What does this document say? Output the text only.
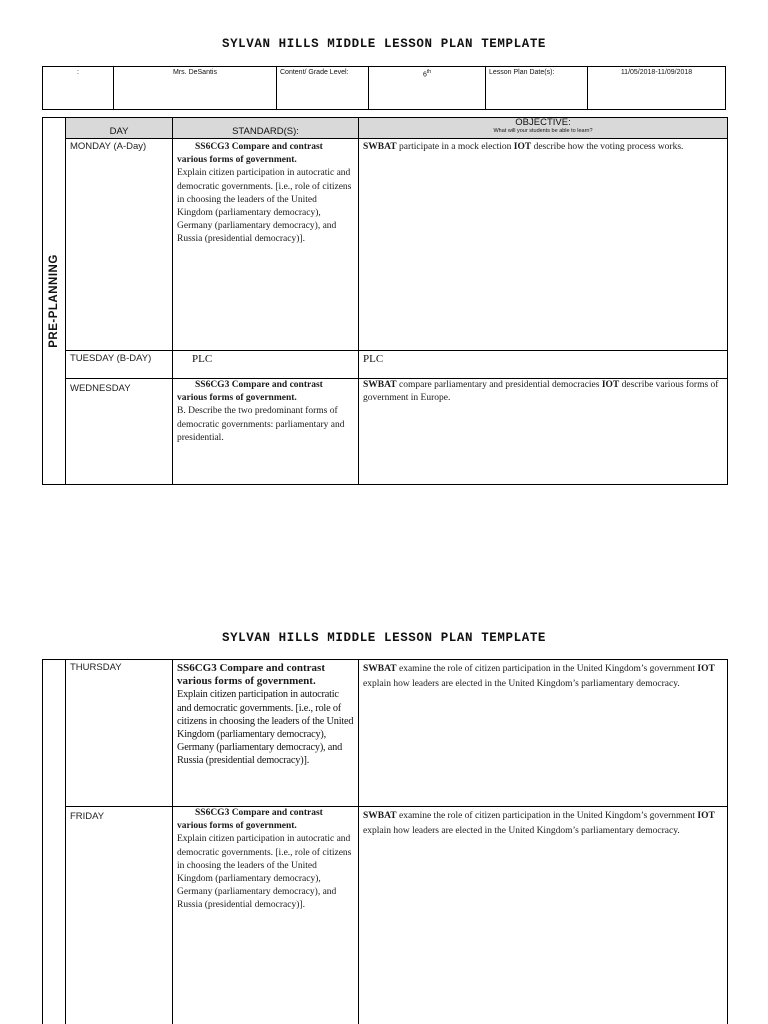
SYLVAN HILLS MIDDLE LESSON PLAN TEMPLATE
:	Mrs. DeSantis	Content/ Grade Level:	6th	Lesson Plan Date(s):	11/05/2018-11/09/2018
PRE-PLANNING	DAY	STANDARD(S):	OBJECTIVE:
What will your students be able to learn?

	MONDAY (A-Day)	SS6CG3 Compare and contrast various forms of government.
Explain citizen participation in autocratic and democratic governments. [i.e., role of citizens in choosing the leaders of the United Kingdom (parliamentary democracy), Germany (parliamentary democracy), and Russia (presidential democracy)].	SWBAT participate in a mock election IOT describe how the voting process works.
	TUESDAY (B-DAY)	PLC	PLC
	WEDNESDAY	SS6CG3 Compare and contrast various forms of government.
B. Describe the two predominant forms of democratic governments: parliamentary and presidential.	SWBAT compare parliamentary and presidential democracies IOT describe various forms of government in Europe.
SYLVAN HILLS MIDDLE LESSON PLAN TEMPLATE
	THURSDAY	SS6CG3 Compare and contrast various forms of government.
Explain citizen participation in autocratic and democratic governments. [i.e., role of citizens in choosing the leaders of the United Kingdom (parliamentary democracy), Germany (parliamentary democracy), and Russia (presidential democracy)].	SWBAT examine the role of citizen participation in the United Kingdom’s government IOT explain how leaders are elected in the United Kingdom’s parliamentary democracy.
	FRIDAY	SS6CG3 Compare and contrast various forms of government.
Explain citizen participation in autocratic and democratic governments. [i.e., role of citizens in choosing the leaders of the United Kingdom (parliamentary democracy), Germany (parliamentary democracy), and Russia (presidential democracy)].	SWBAT examine the role of citizen participation in the United Kingdom’s government IOT explain how leaders are elected in the United Kingdom’s parliamentary democracy.
